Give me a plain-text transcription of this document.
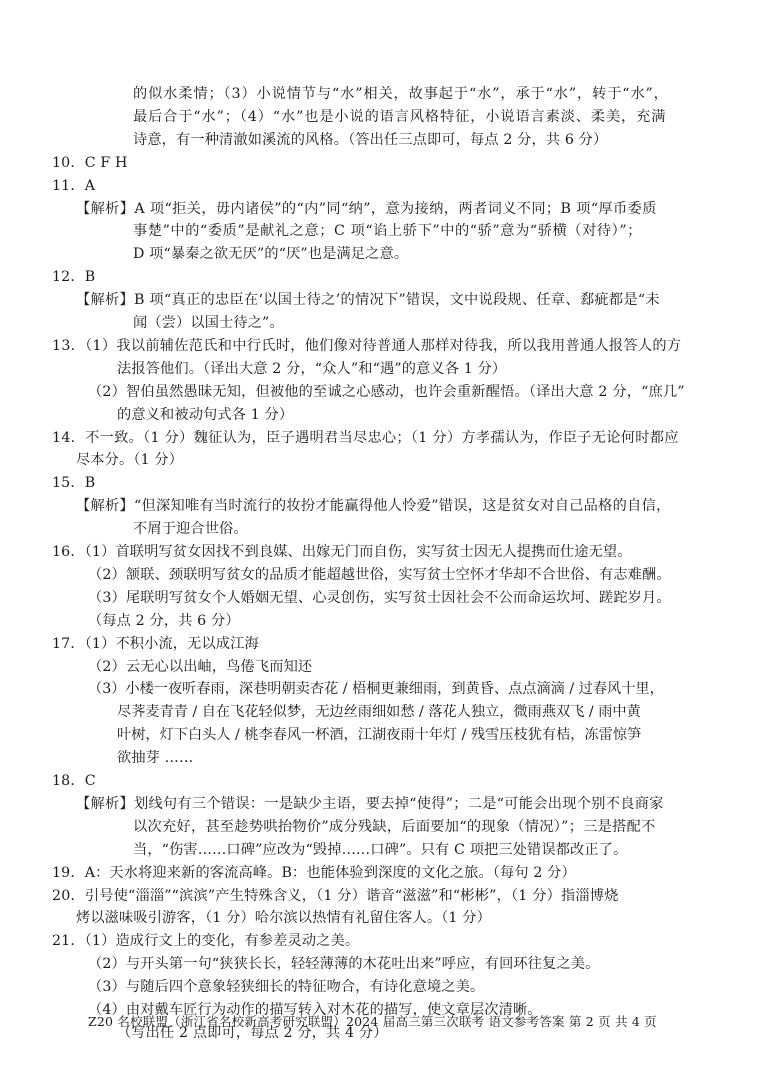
的似水柔情；（3）小说情节与“水”相关，故事起于“水”，承于“水”，转于“水”，
最后合于“水”；（4）“水”也是小说的语言风格特征，小说语言素淡、柔美，充满
诗意，有一种清澈如溪流的风格。（答出任三点即可，每点 2 分，共 6 分）
10．C F H
11．A
【解析】A 项“拒关，毋内诸侯”的“内”同“纳”，意为接纳，两者词义不同；B 项“厚币委质
事楚”中的“委质”是献礼之意；C 项“谄上骄下”中的“骄”意为“骄横（对待）”；
D 项“暴秦之欲无厌”的“厌”也是满足之意。
12．B
【解析】B 项“真正的忠臣在‘以国士待之’的情况下”错误，文中说段规、任章、郄疵都是“未
闻（尝）以国士待之”。
13．（1）我以前辅佐范氏和中行氏时，他们像对待普通人那样对待我，所以我用普通人报答人的方
法报答他们。（译出大意 2 分，“众人”和“遇”的意义各 1 分）
（2）智伯虽然愚昧无知，但被他的至诚之心感动，也许会重新醒悟。（译出大意 2 分，“庶几”
的意义和被动句式各 1 分）
14．不一致。（1 分）魏征认为，臣子遇明君当尽忠心；（1 分）方孝孺认为，作臣子无论何时都应
尽本分。（1 分）
15．B
【解析】“但深知唯有当时流行的妆扮才能赢得他人怜爱”错误，这是贫女对自己品格的自信，
不屑于迎合世俗。
16．（1）首联明写贫女因找不到良媒、出嫁无门而自伤，实写贫士因无人提携而仕途无望。
（2）颔联、颈联明写贫女的品质才能超越世俗，实写贫士空怀才华却不合世俗、有志难酬。
（3）尾联明写贫女个人婚姻无望、心灵创伤，实写贫士因社会不公而命运坎坷、蹉跎岁月。
（每点 2 分，共 6 分）
17．（1）不积小流，无以成江海
（2）云无心以出岫，鸟倦飞而知还
（3）小楼一夜听春雨，深巷明朝卖杏花 / 梧桐更兼细雨，到黄昏、点点滴滴 / 过春风十里，
尽荠麦青青 / 自在飞花轻似梦，无边丝雨细如愁 / 落花人独立，微雨燕双飞 / 雨中黄
叶树，灯下白头人 / 桃李春风一杯酒，江湖夜雨十年灯 / 残雪压枝犹有桔，冻雷惊笋
欲抽芽 ……
18．C
【解析】划线句有三个错误：一是缺少主语，要去掉“使得”；二是“可能会出现个别不良商家
以次充好，甚至趁势哄抬物价”成分残缺，后面要加“的现象（情况）”；三是搭配不
当，“伤害……口碑”应改为“毁掉……口碑”。只有 C 项把三处错误都改正了。
19．A：天水将迎来新的客流高峰。B：也能体验到深度的文化之旅。（每句 2 分）
20．引号使“淄淄”“滨滨”产生特殊含义，（1 分）谐音“滋滋”和“彬彬”，（1 分）指淄博烧
烤以滋味吸引游客，（1 分）哈尔滨以热情有礼留住客人。（1 分）
21．（1）造成行文上的变化，有参差灵动之美。
（2）与开头第一句“狭狭长长，轻轻薄薄的木花吐出来”呼应，有回环往复之美。
（3）与随后四个意象轻狭细长的特征吻合，有诗化意境之美。
（4）由对戴车匠行为动作的描写转入对木花的描写，使文章层次清晰。
（写出任 2 点即可，每点 2 分，共 4 分）
Z20 名校联盟（浙江省名校新高考研究联盟）2024 届高三第三次联考 语文参考答案 第 2 页 共 4 页
